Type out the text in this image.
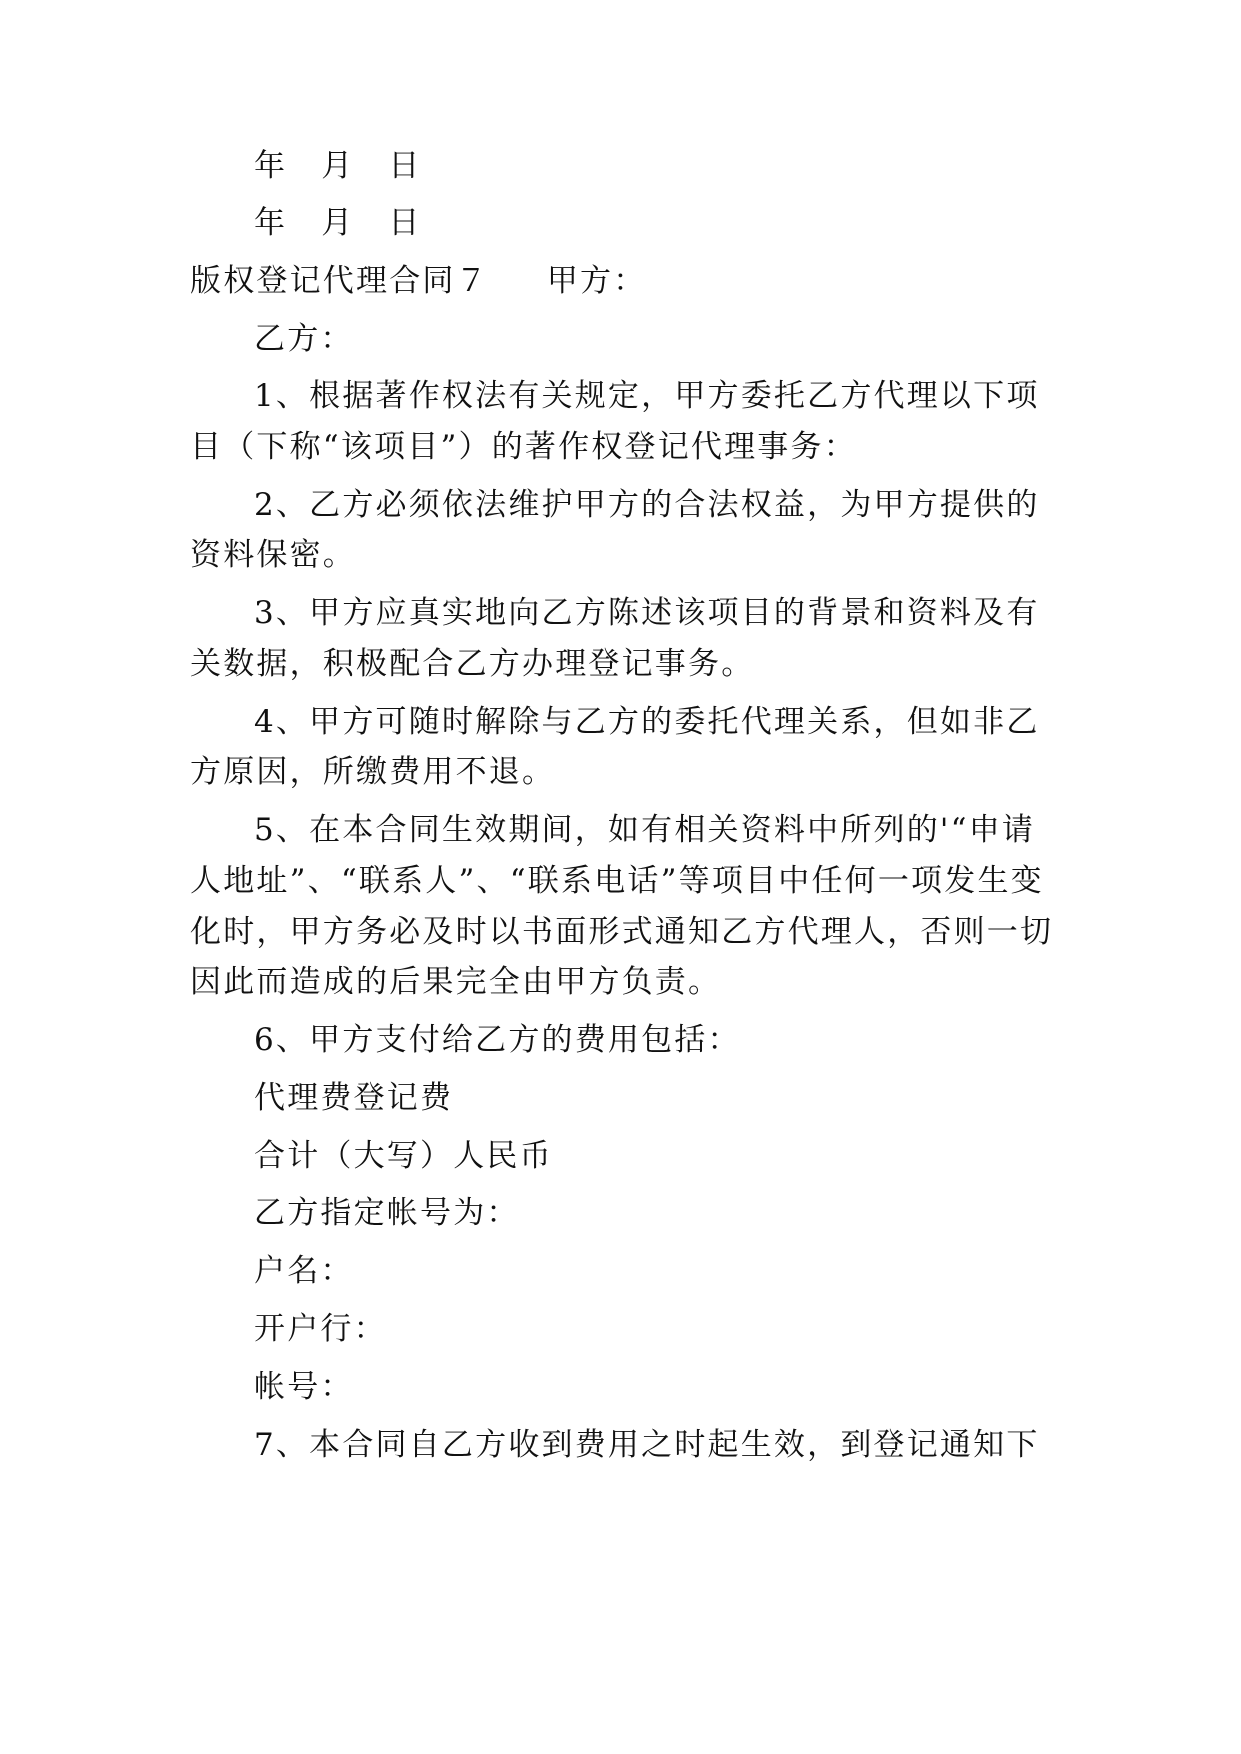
年 月 日
年 月 日
版权登记代理合同７ 甲方：
乙方：
1、根据著作权法有关规定，甲方委托乙方代理以下项
目（下称“该项目”）的著作权登记代理事务：
2、乙方必须依法维护甲方的合法权益，为甲方提供的
资料保密。
3、甲方应真实地向乙方陈述该项目的背景和资料及有
关数据，积极配合乙方办理登记事务。
4、甲方可随时解除与乙方的委托代理关系，但如非乙
方原因，所缴费用不退。
5、在本合同生效期间，如有相关资料中所列的'“申请
人地址”、“联系人”、“联系电话”等项目中任何一项发生变
化时，甲方务必及时以书面形式通知乙方代理人，否则一切
因此而造成的后果完全由甲方负责。
6、甲方支付给乙方的费用包括：
代理费登记费
合计（大写）人民币
乙方指定帐号为：
户名：
开户行：
帐号：
7、本合同自乙方收到费用之时起生效，到登记通知下
